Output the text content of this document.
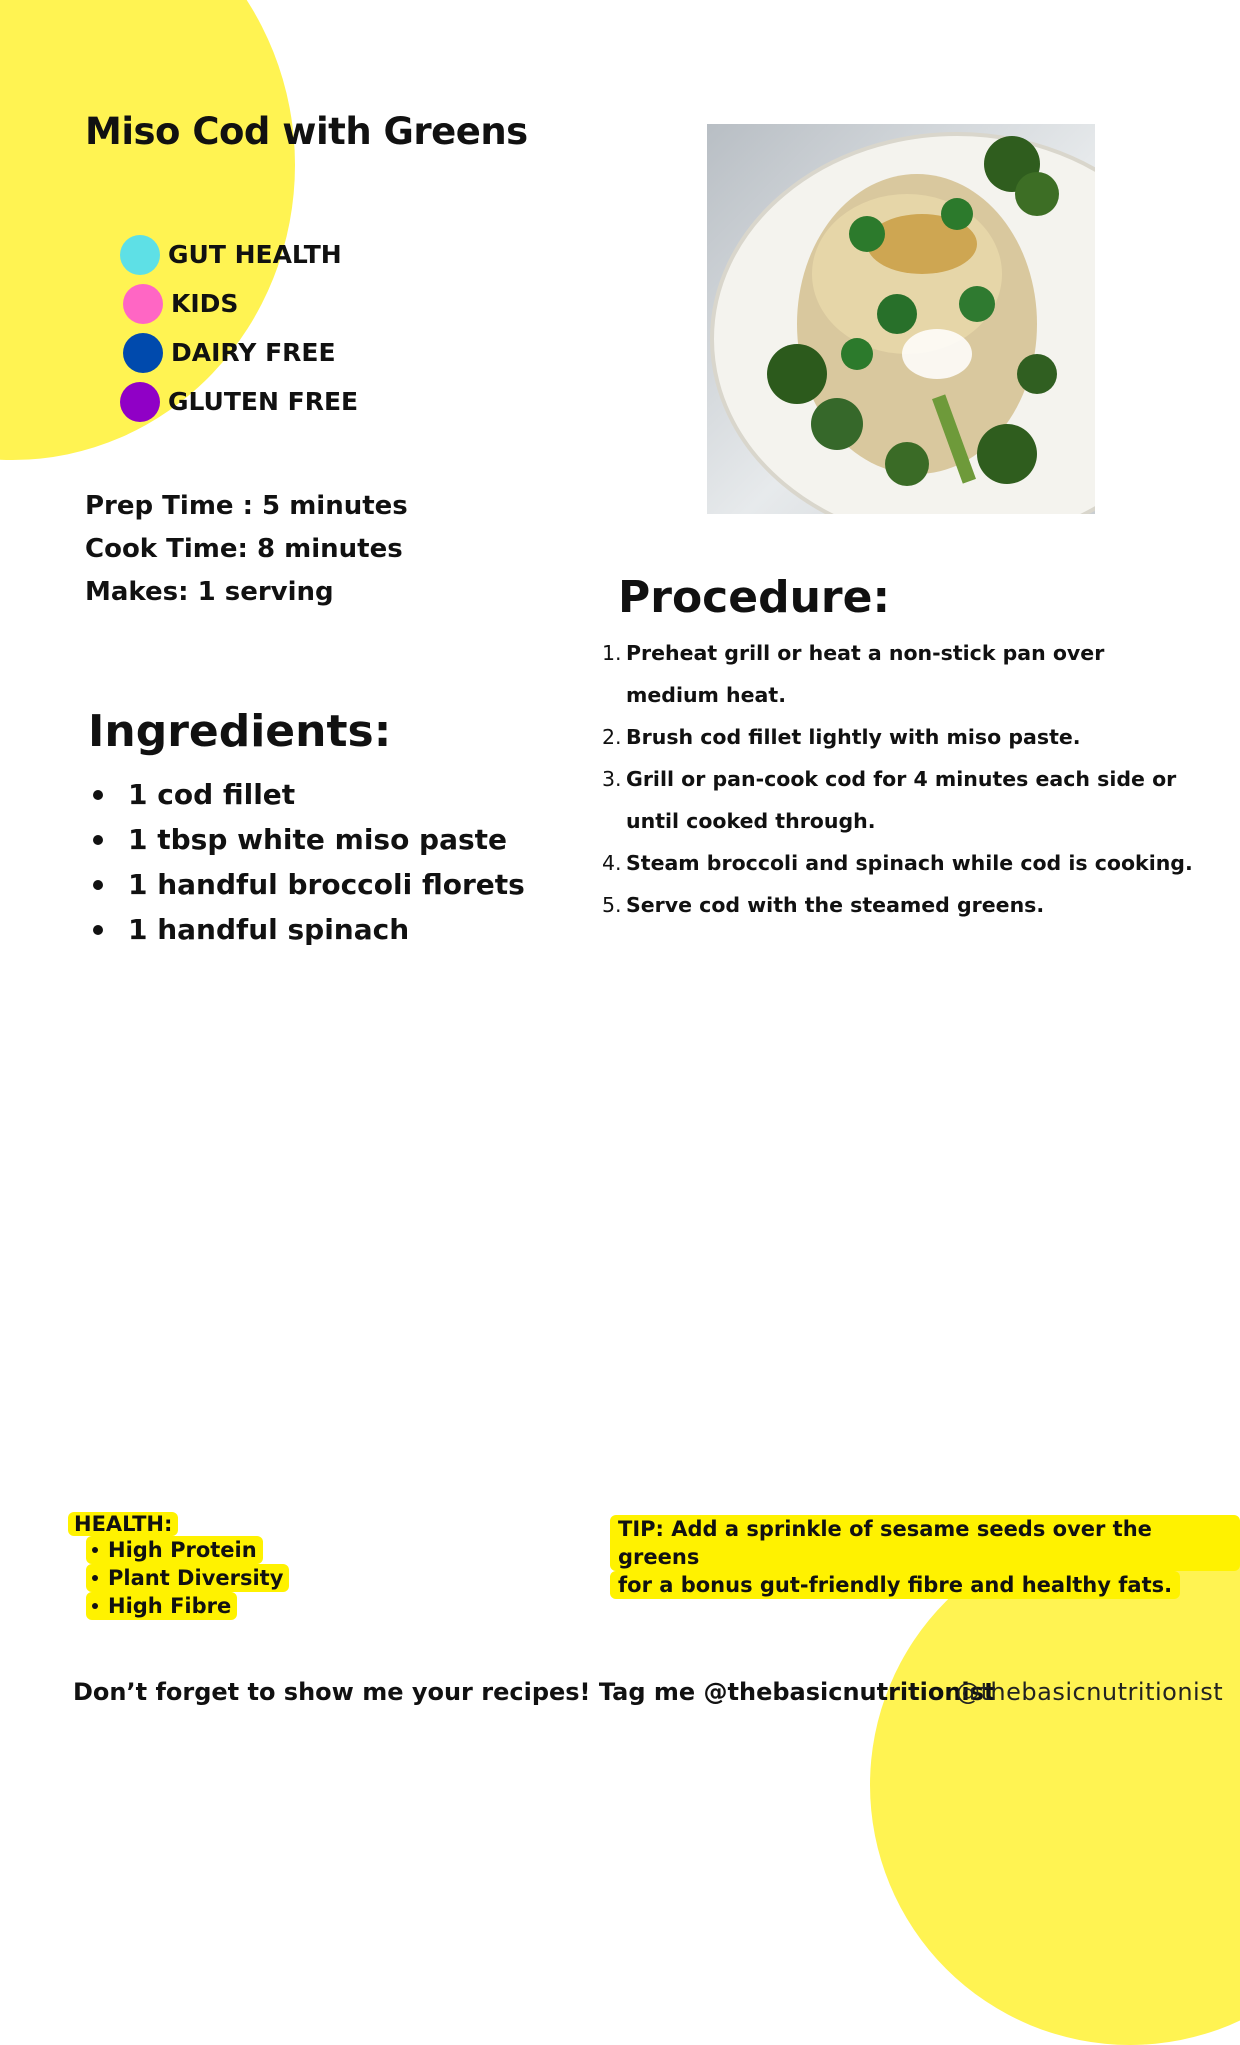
Miso Cod with Greens
GUT HEALTH
KIDS
DAIRY FREE
GLUTEN FREE
Prep Time : 5 minutes
Cook Time: 8 minutes
Makes: 1 serving
Ingredients:
1 cod fillet
1 tbsp white miso paste
1 handful broccoli florets
1 handful spinach
Procedure:
1. Preheat grill or heat a non-stick pan over medium heat.
2. Brush cod fillet lightly with miso paste.
3. Grill or pan-cook cod for 4 minutes each side or until cooked through.
4. Steam broccoli and spinach while cod is cooking.
5. Serve cod with the steamed greens.
HEALTH:
High Protein
Plant Diversity
High Fibre
TIP: Add a sprinkle of sesame seeds over the greens
for a bonus gut-friendly fibre and healthy fats.
Don’t forget to show me your recipes! Tag me @thebasicnutritionist
@thebasicnutritionist
